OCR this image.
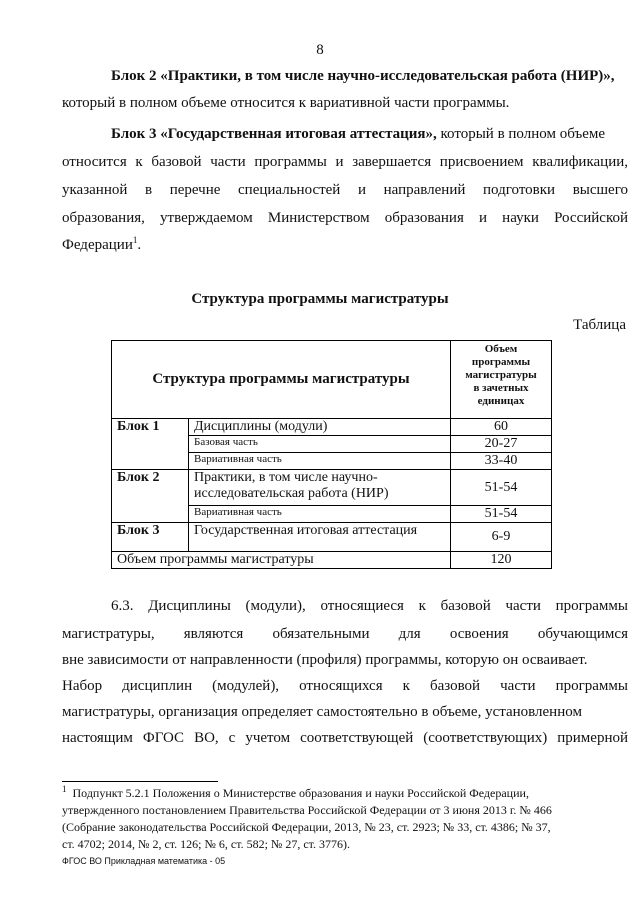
8
Блок 2 «Практики, в том числе научно-исследовательская работа (НИР)»,
который в полном объеме относится к вариативной части программы.
Блок 3 «Государственная итоговая аттестация», который в полном объеме
относится к базовой части программы и завершается присвоением квалификации,
указанной в перечне специальностей и направлений подготовки высшего
образования, утверждаемом Министерством образования и науки Российской
Федерации$^1$.
Структура программы магистратуры
Таблица
Структура программы магистратуры		Объем
программы
магистратуры
в зачетных
единицах

Блок 1	Дисциплины (модули)	60
	Базовая часть	20-27
	Вариативная часть	33-40
Блок 2	Практики, в том числе научно-
исследовательская работа (НИР)	51-54
	Вариативная часть	51-54
Блок 3	Государственная итоговая аттестация	6-9
Объем программы магистратуры		120
6.3. Дисциплины (модули), относящиеся к базовой части программы
магистратуры, являются обязательными для освоения обучающимся
вне зависимости от направленности (профиля) программы, которую он осваивает.
Набор дисциплин (модулей), относящихся к базовой части программы
магистратуры, организация определяет самостоятельно в объеме, установленном
настоящим ФГОС ВО, с учетом соответствующей (соответствующих) примерной
$^1$ Подпункт 5.2.1 Положения о Министерстве образования и науки Российской Федерации,
утвержденного постановлением Правительства Российской Федерации от 3 июня 2013 г. № 466
(Собрание законодательства Российской Федерации, 2013, № 23, ст. 2923; № 33, ст. 4386; № 37,
ст. 4702; 2014, № 2, ст. 126; № 6, ст. 582; № 27, ст. 3776).
ФГОС ВО Прикладная математика - 05
